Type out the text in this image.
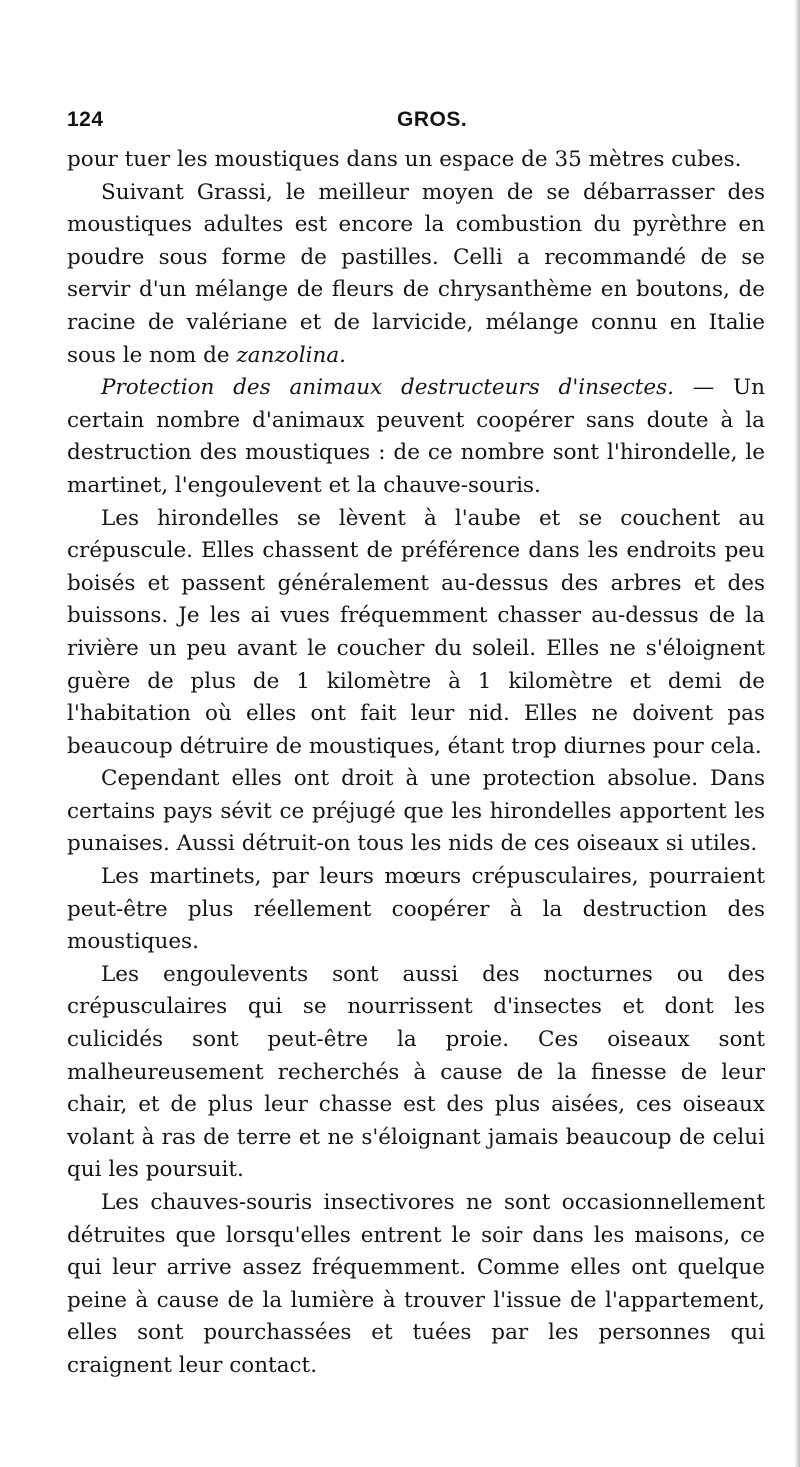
124	GROS.

pour tuer les moustiques dans un espace de 35 mètres cubes.

Suivant Grassi, le meilleur moyen de se débarrasser des moustiques adultes est encore la combustion du pyrèthre en poudre sous forme de pastilles. Celli a recommandé de se servir d'un mélange de fleurs de chrysanthème en boutons, de racine de valériane et de larvicide, mélange connu en Italie sous le nom de zanzolina.

Protection des animaux destructeurs d'insectes. — Un certain nombre d'animaux peuvent coopérer sans doute à la destruction des moustiques : de ce nombre sont l'hirondelle, le martinet, l'engoulevent et la chauve-souris.

Les hirondelles se lèvent à l'aube et se couchent au crépuscule. Elles chassent de préférence dans les endroits peu boisés et passent généralement au-dessus des arbres et des buissons. Je les ai vues fréquemment chasser au-dessus de la rivière un peu avant le coucher du soleil. Elles ne s'éloignent guère de plus de 1 kilomètre à 1 kilomètre et demi de l'habitation où elles ont fait leur nid. Elles ne doivent pas beaucoup détruire de moustiques, étant trop diurnes pour cela.

Cependant elles ont droit à une protection absolue. Dans certains pays sévit ce préjugé que les hirondelles apportent les punaises. Aussi détruit-on tous les nids de ces oiseaux si utiles.

Les martinets, par leurs mœurs crépusculaires, pourraient peut-être plus réellement coopérer à la destruction des moustiques.

Les engoulevents sont aussi des nocturnes ou des crépusculaires qui se nourrissent d'insectes et dont les culicidés sont peut-être la proie. Ces oiseaux sont malheureusement recherchés à cause de la finesse de leur chair, et de plus leur chasse est des plus aisées, ces oiseaux volant à ras de terre et ne s'éloignant jamais beaucoup de celui qui les poursuit.

Les chauves-souris insectivores ne sont occasionnellement détruites que lorsqu'elles entrent le soir dans les maisons, ce qui leur arrive assez fréquemment. Comme elles ont quelque peine à cause de la lumière à trouver l'issue de l'appartement, elles sont pourchassées et tuées par les personnes qui craignent leur contact.
